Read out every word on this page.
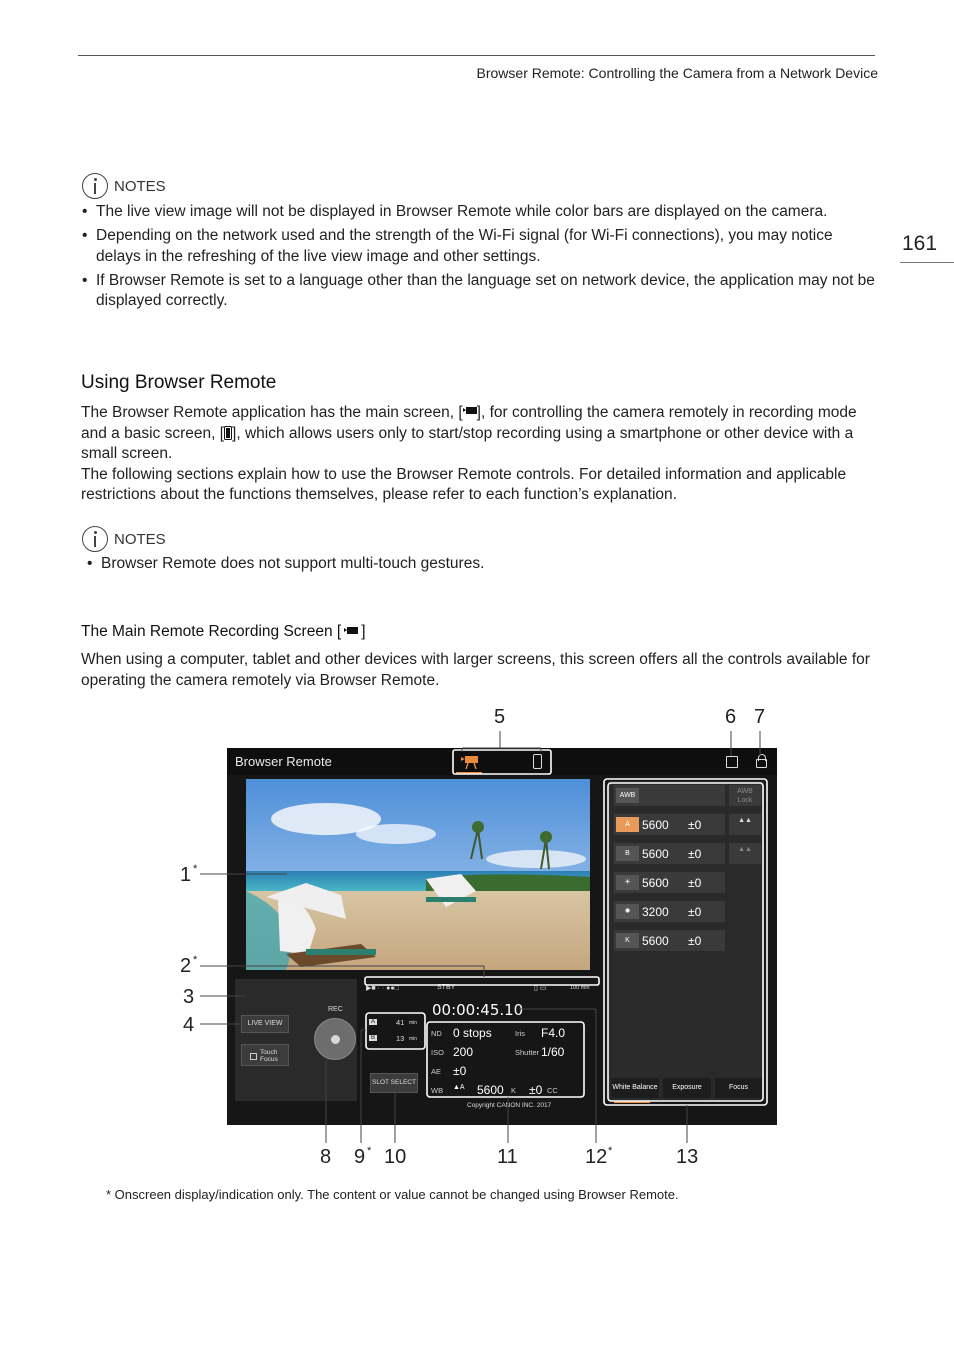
Browser Remote: Controlling the Camera from a Network Device
161
NOTES
• The live view image will not be displayed in Browser Remote while color bars are displayed on the camera.
• Depending on the network used and the strength of the Wi-Fi signal (for Wi-Fi connections), you may notice delays in the refreshing of the live view image and other settings.
• If Browser Remote is set to a language other than the language set on network device, the application may not be displayed correctly.
Using Browser Remote
The Browser Remote application has the main screen, [ ], for controlling the camera remotely in recording mode and a basic screen, [ ], which allows users only to start/stop recording using a smartphone or other device with a small screen.
The following sections explain how to use the Browser Remote controls. For detailed information and applicable restrictions about the functions themselves, please refer to each function’s explanation.
NOTES
• Browser Remote does not support multi-touch gestures.
The Main Remote Recording Screen [ ]
When using a computer, tablet and other devices with larger screens, this screen offers all the controls available for operating the camera remotely via Browser Remote.
Browser Remote
LIVE VIEW
Touch Focus
REC
▶■ · · ●●□	STBY	▯ ▭	100 min
00:00:45.10
A	41 min
B	13 min
SLOT SELECT
ND 0 stops	Iris F4.0
ISO 200	Shutter 1/60
AE ±0
WB ▲A 5600 K ±0 CC
Copyright CANON INC. 2017
AWB
AWB Lock
A	5600 ±0	▲▲
B	5600 ±0	▲▲
☀ 5600 ±0
✹ 3200 ±0
K	5600 ±0
White Balance	Exposure	Focus
5	6 7
1
2
3
4
8 9 10	11	12	13
*
*
*	*
* Onscreen display/indication only. The content or value cannot be changed using Browser Remote.
